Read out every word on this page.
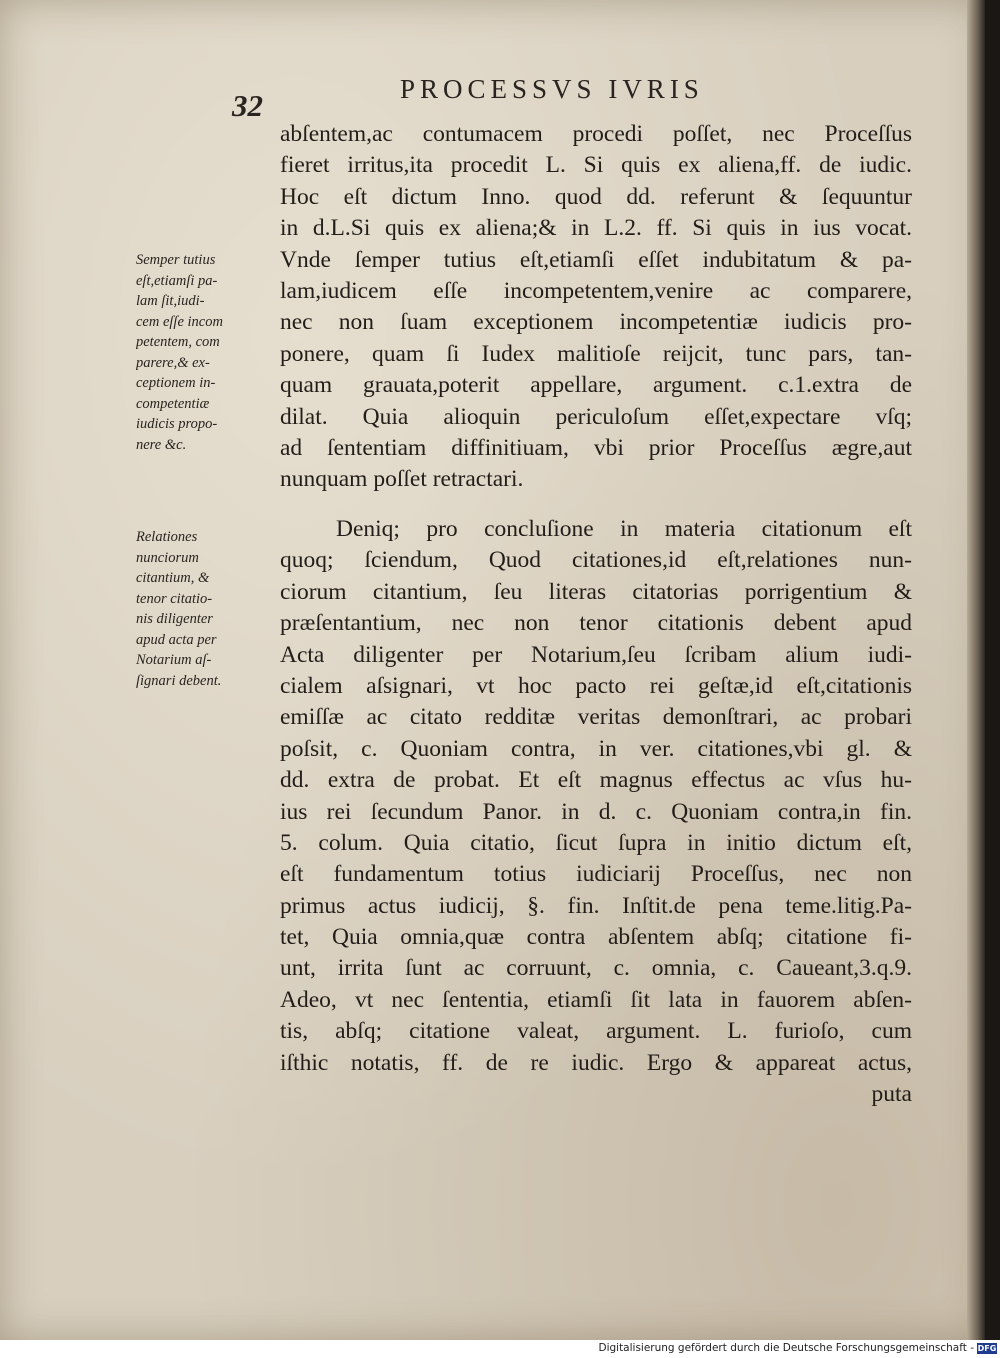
32	PROCESSVS IVRIS
Semper tutius
eſt,etiamſi pa-
lam ſit,iudi-
cem eſſe incom
petentem, com
parere,& ex-
ceptionem in-
competentiæ
iudicis propo-
nere &c.
Relationes
nunciorum
citantium, &
tenor citatio-
nis diligenter
apud acta per
Notarium aſ-
ſignari debent.
abſentem,ac contumacem procedi poſſet, nec Proceſſus
fieret irritus,ita procedit L. Si quis ex aliena,ff. de iudic.
Hoc eſt dictum Inno. quod dd. referunt & ſequuntur
in d.L.Si quis ex aliena;& in L.2. ff. Si quis in ius vocat.
Vnde ſemper tutius eſt,etiamſi eſſet indubitatum & pa-
lam,iudicem eſſe incompetentem,venire ac comparere,
nec non ſuam exceptionem incompetentiæ iudicis pro-
ponere, quam ſi Iudex malitioſe reijcit, tunc pars, tan-
quam grauata,poterit appellare, argument. c.1.extra de
dilat. Quia alioquin periculoſum eſſet,expectare vſq;
ad ſententiam diffinitiuam, vbi prior Proceſſus ægre,aut
nunquam poſſet retractari.
Deniq; pro concluſione in materia citationum eſt
quoq; ſciendum, Quod citationes,id eſt,relationes nun-
ciorum citantium, ſeu literas citatorias porrigentium &
præſentantium, nec non tenor citationis debent apud
Acta diligenter per Notarium,ſeu ſcribam alium iudi-
cialem aſsignari, vt hoc pacto rei geſtæ,id eſt,citationis
emiſſæ ac citato redditæ veritas demonſtrari, ac probari
poſsit, c. Quoniam contra, in ver. citationes,vbi gl. &
dd. extra de probat. Et eſt magnus effectus ac vſus hu-
ius rei ſecundum Panor. in d. c. Quoniam contra,in fin.
5. colum. Quia citatio, ſicut ſupra in initio dictum eſt,
eſt fundamentum totius iudiciarij Proceſſus, nec non
primus actus iudicij, §. fin. Inſtit.de pena teme.litig.Pa-
tet, Quia omnia,quæ contra abſentem abſq; citatione fi-
unt, irrita ſunt ac corruunt, c. omnia, c. Caueant,3.q.9.
Adeo, vt nec ſententia, etiamſi ſit lata in fauorem abſen-
tis, abſq; citatione valeat, argument. L. furioſo, cum
iſthic notatis, ff. de re iudic. Ergo & appareat actus,
puta
Digitalisierung gefördert durch die Deutsche Forschungsgemeinschaft - DFG
